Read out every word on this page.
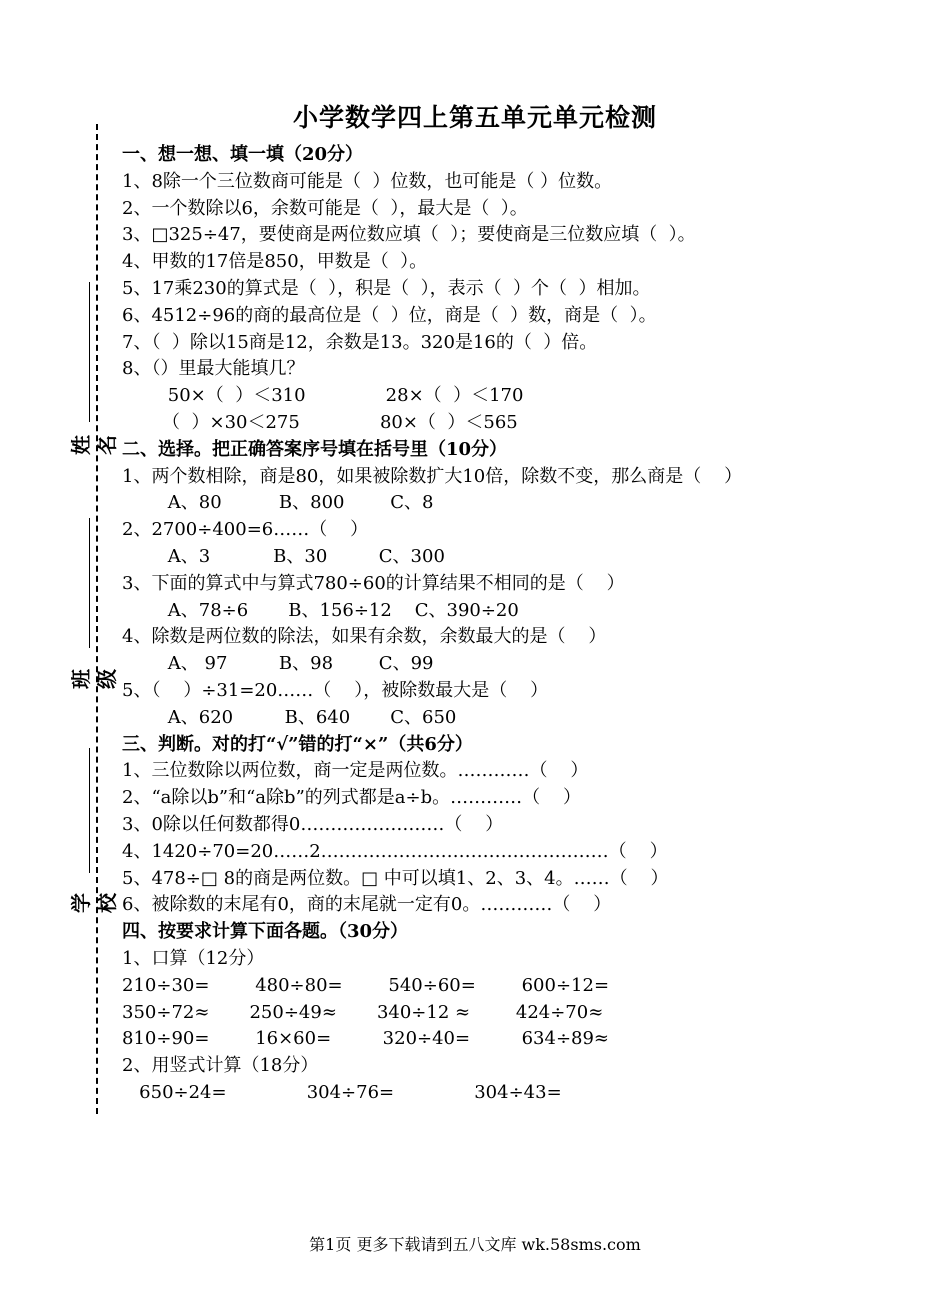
小学数学四上第五单元单元检测
姓名
班级
学校
一、想一想、填一填（20分）
1、8除一个三位数商可能是（  ）位数，也可能是（ ）位数。
2、一个数除以6，余数可能是（  ），最大是（  ）。
3、□325÷47，要使商是两位数应填（  ）；要使商是三位数应填（  ）。
4、甲数的17倍是850，甲数是（  ）。
5、17乘230的算式是（  ），积是（  ），表示（  ）个（  ）相加。
6、4512÷96的商的最高位是（  ）位，商是（  ）数，商是（  ）。
7、（  ）除以15商是12，余数是13。320是16的（  ）倍。
8、（）里最大能填几？
50×（  ）＜310              28×（  ）＜170
（  ）×30＜275              80×（  ）＜565
二、选择。把正确答案序号填在括号里（10分）
1、两个数相除，商是80，如果被除数扩大10倍，除数不变，那么商是（    ）
A、80          B、800        C、8
2、2700÷400=6……（    ）
A、3           B、30         C、300
3、下面的算式中与算式780÷60的计算结果不相同的是（    ）
A、78÷6       B、156÷12    C、390÷20
4、除数是两位数的除法，如果有余数，余数最大的是（    ）
A、 97         B、98        C、99
5、（    ）÷31=20……（    ），被除数最大是（    ）
A、620         B、640       C、650
三、判断。对的打“√”错的打“×”（共6分）
1、三位数除以两位数，商一定是两位数。…………（    ）
2、“a除以b”和“a除b”的列式都是a÷b。…………（    ）
3、0除以任何数都得0……………………（    ）
4、1420÷70=20……2…………………………………………（    ）
5、478÷□ 8的商是两位数。□ 中可以填1、2、3、4。……（    ）
6、被除数的末尾有0，商的末尾就一定有0。…………（    ）
四、按要求计算下面各题。（30分）
1、口算（12分）
210÷30=        480÷80=        540÷60=        600÷12=
350÷72≈       250÷49≈       340÷12 ≈        424÷70≈
810÷90=        16×60=         320÷40=         634÷89≈
2、用竖式计算（18分）
650÷24=              304÷76=              304÷43=
第1页 更多下载请到五八文库 wk.58sms.com
